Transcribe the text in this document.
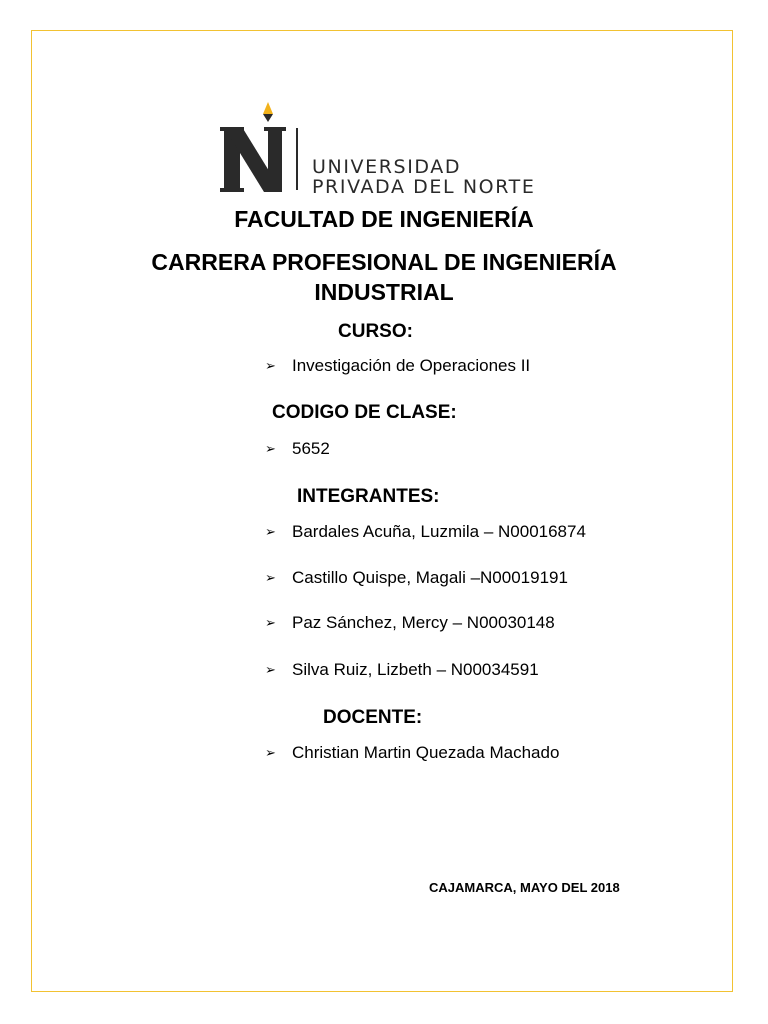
UNIVERSIDAD
PRIVADA DEL NORTE
FACULTAD DE INGENIERÍA
CARRERA PROFESIONAL DE INGENIERÍA
INDUSTRIAL
CURSO:
➢ Investigación de Operaciones II
CODIGO DE CLASE:
➢ 5652
INTEGRANTES:
➢ Bardales Acuña, Luzmila – N00016874
➢ Castillo Quispe, Magali –N00019191
➢ Paz Sánchez, Mercy – N00030148
➢ Silva Ruiz, Lizbeth – N00034591
DOCENTE:
➢ Christian Martin Quezada Machado
CAJAMARCA, MAYO DEL 2018
